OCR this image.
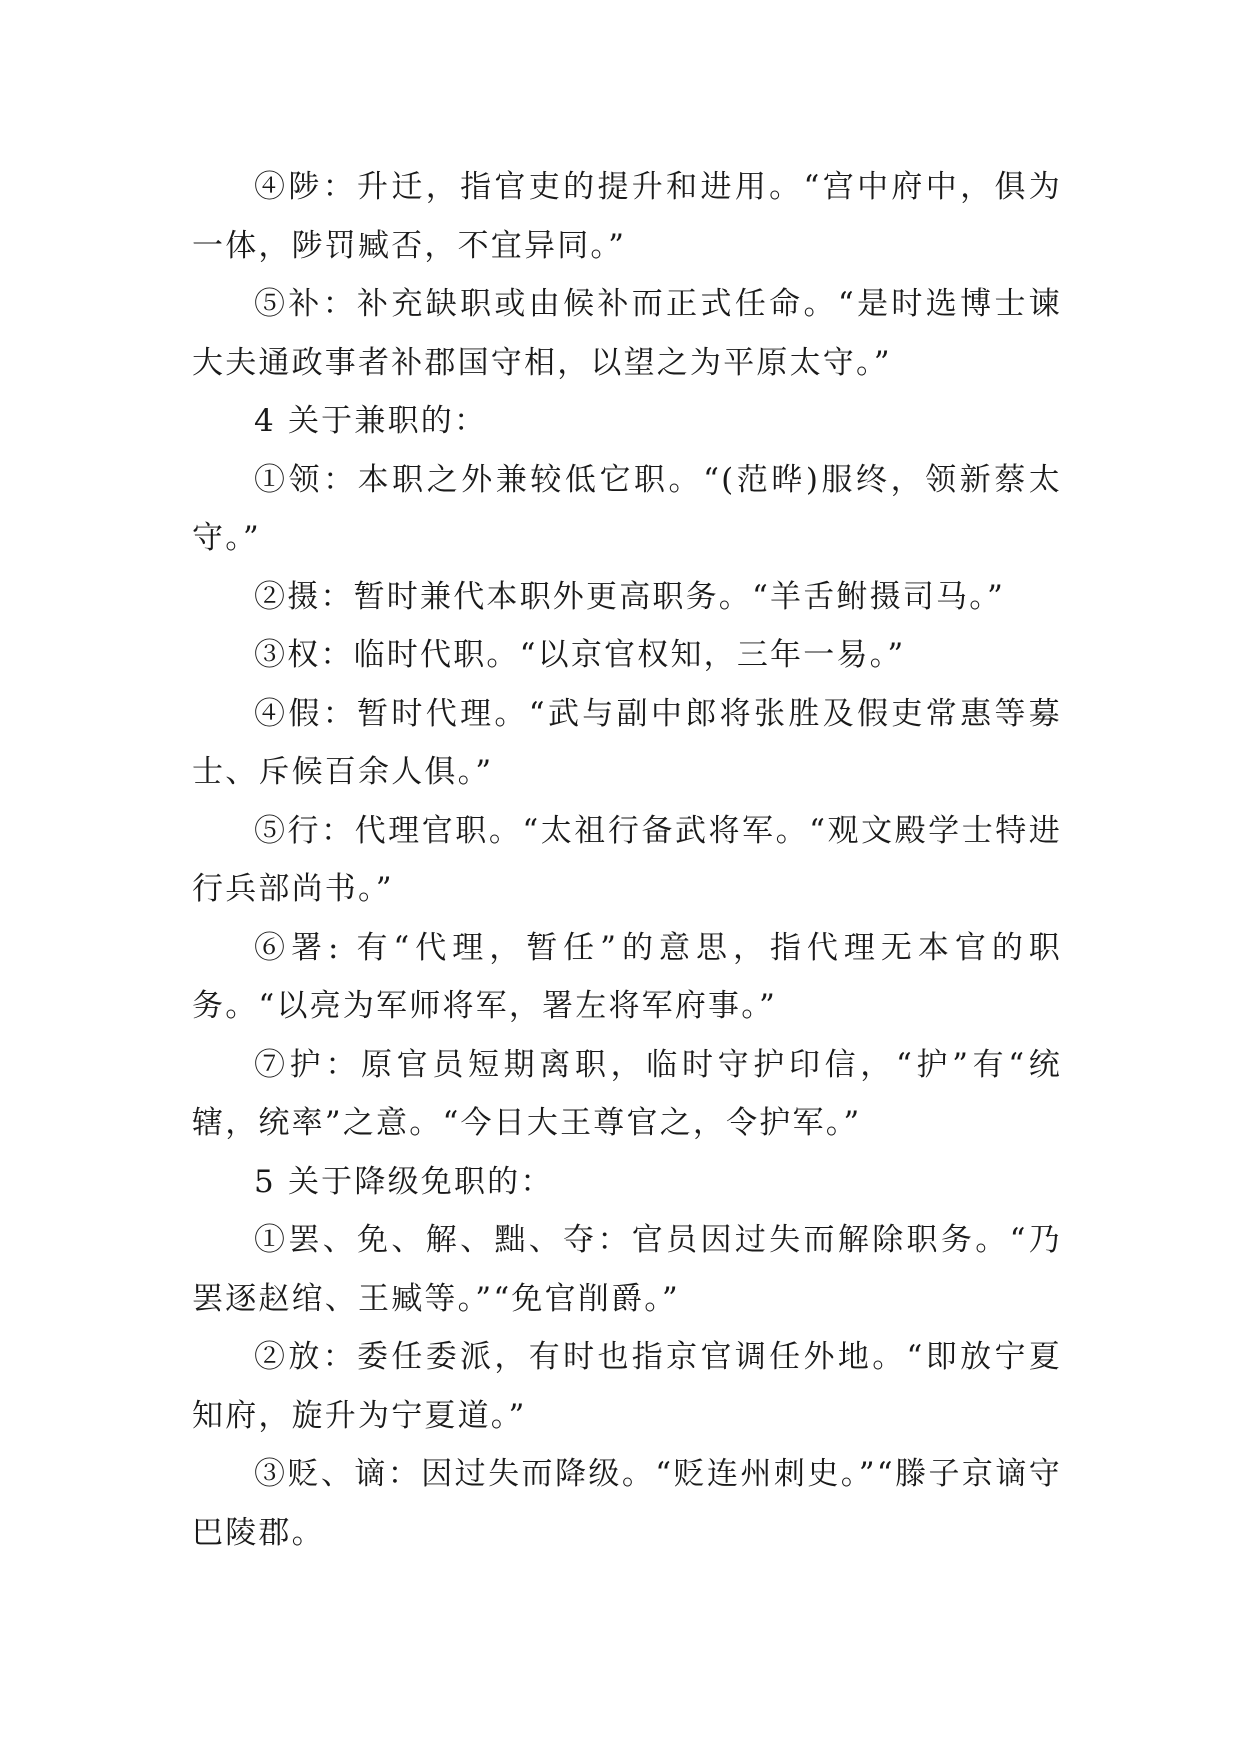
④陟：升迁，指官吏的提升和进用。“宫中府中，俱为一体，陟罚臧否，不宜异同。”

⑤补：补充缺职或由候补而正式任命。“是时选博士谏大夫通政事者补郡国守相，以望之为平原太守。”

4 关于兼职的：

①领：本职之外兼较低它职。“(范晔)服终，领新蔡太守。”

②摄：暂时兼代本职外更高职务。“羊舌鲋摄司马。”

③权：临时代职。“以京官权知，三年一易。”

④假：暂时代理。“武与副中郎将张胜及假吏常惠等募士、斥候百余人俱。”

⑤行：代理官职。“太祖行备武将军。“观文殿学士特进行兵部尚书。”

⑥署: 有“代理，暂任”的意思，指代理无本官的职务。“以亮为军师将军，署左将军府事。”

⑦护：原官员短期离职，临时守护印信，“护”有“统辖，统率”之意。“今日大王尊官之，令护军。”

5 关于降级免职的：

①罢、免、解、黜、夺：官员因过失而解除职务。“乃罢逐赵绾、王臧等。”“免官削爵。”

②放：委任委派，有时也指京官调任外地。“即放宁夏知府，旋升为宁夏道。”

③贬、谪：因过失而降级。“贬连州刺史。”“滕子京谪守巴陵郡。
